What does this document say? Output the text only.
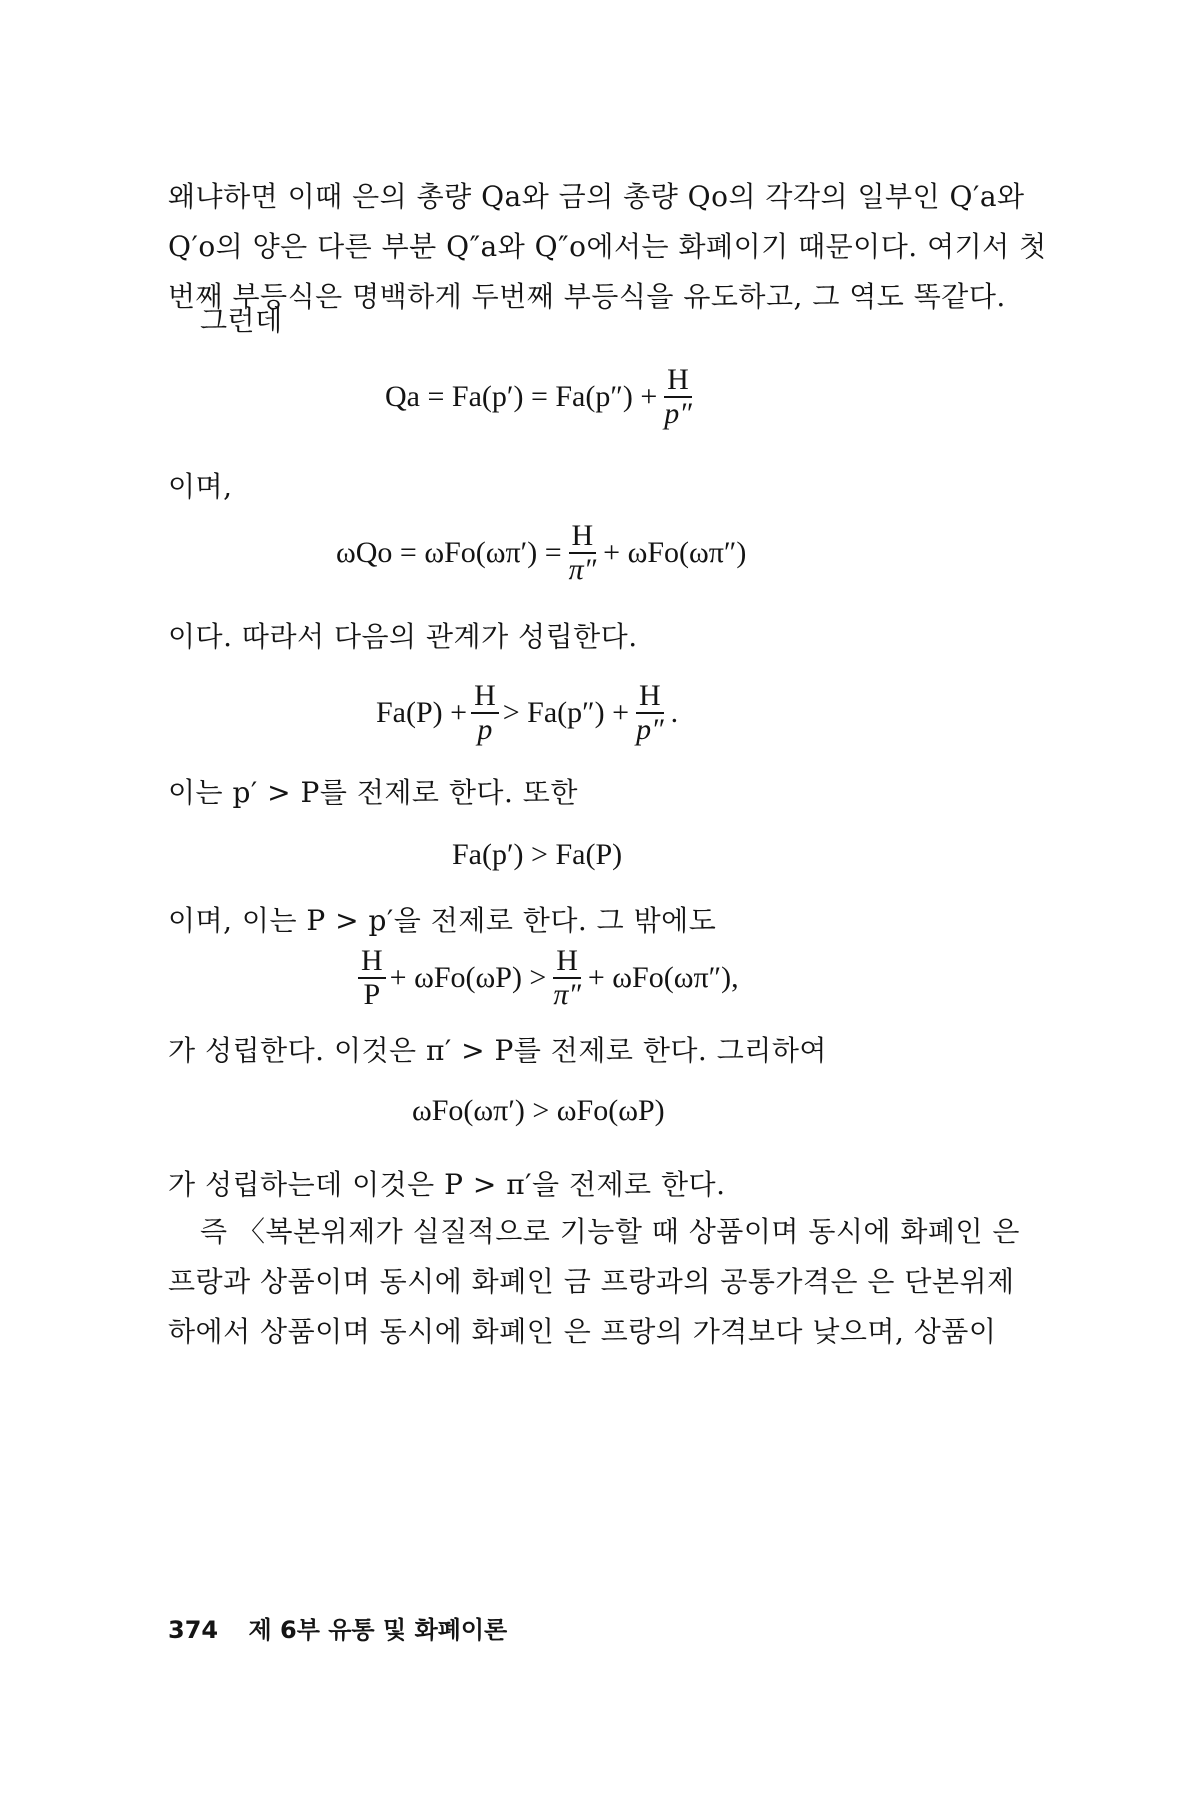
왜냐하면 이때 은의 총량 Qa와 금의 총량 Qo의 각각의 일부인 Q′a와
Q′o의 양은 다른 부분 Q″a와 Q″o에서는 화폐이기 때문이다. 여기서 첫
번째 부등식은 명백하게 두번째 부등식을 유도하고, 그 역도 똑같다.

그런데

$Qa = Fa(p') = Fa(p'') + \frac{H}{p''}$

이며,

$\omega Qo = \omega Fo(\omega\pi') = \frac{H}{\pi''} + \omega Fo(\omega\pi'')$

이다. 따라서 다음의 관계가 성립한다.

$Fa(P) + \frac{H}{p} > Fa(p'') + \frac{H}{p''}$ .

이는 p′ > P를 전제로 한다. 또한

Fa(p′) > Fa(P)

이며, 이는 P > p′을 전제로 한다. 그 밖에도

$\frac{H}{P} + \omega Fo(\omega P) > \frac{H}{\pi''} + \omega Fo(\omega\pi'')$,

가 성립한다. 이것은 π′ > P를 전제로 한다. 그리하여

ωFo(ωπ′) > ωFo(ωP)

가 성립하는데 이것은 P > π′을 전제로 한다.

즉 〈복본위제가 실질적으로 기능할 때 상품이며 동시에 화폐인 은
프랑과 상품이며 동시에 화폐인 금 프랑과의 공통가격은 은 단본위제
하에서 상품이며 동시에 화폐인 은 프랑의 가격보다 낮으며, 상품이

374 제 6부 유통 및 화폐이론
